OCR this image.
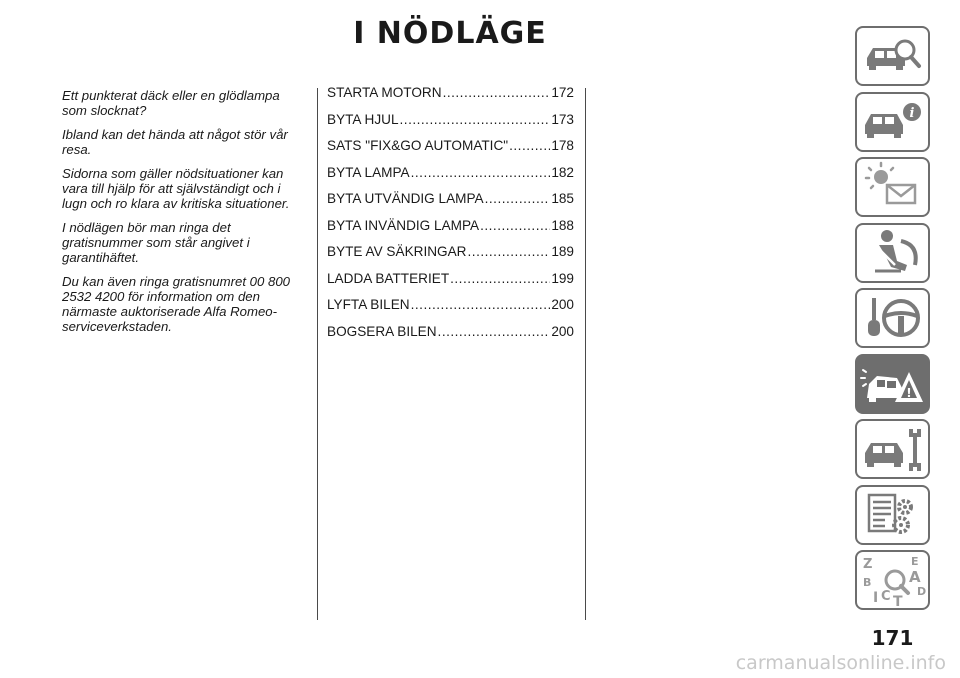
I NÖDLÄGE

Ett punkterat däck eller en glödlampa som slocknat?

Ibland kan det hända att något stör vår resa.

Sidorna som gäller nödsituationer kan vara till hjälp för att självständigt och i lugn och ro klara av kritiska situationer.

I nödlägen bör man ringa det gratisnummer som står angivet i garantihäftet.

Du kan även ringa gratisnumret 00 800 2532 4200 för information om den närmaste auktoriserade Alfa Romeo-serviceverkstaden.

STARTA MOTORN .....	172
BYTA HJUL .....	173
SATS "FIX&GO AUTOMATIC" .....	178
BYTA LAMPA .....	182
BYTA UTVÄNDIG LAMPA .....	185
BYTA INVÄNDIG LAMPA .....	188
BYTE AV SÄKRINGAR .....	189
LADDA BATTERIET .....	199
LYFTA BILEN .....	200
BOGSERA BILEN .....	200
i
!
Z	E
A
B
D
I C T
171
carmanualsonline.info
